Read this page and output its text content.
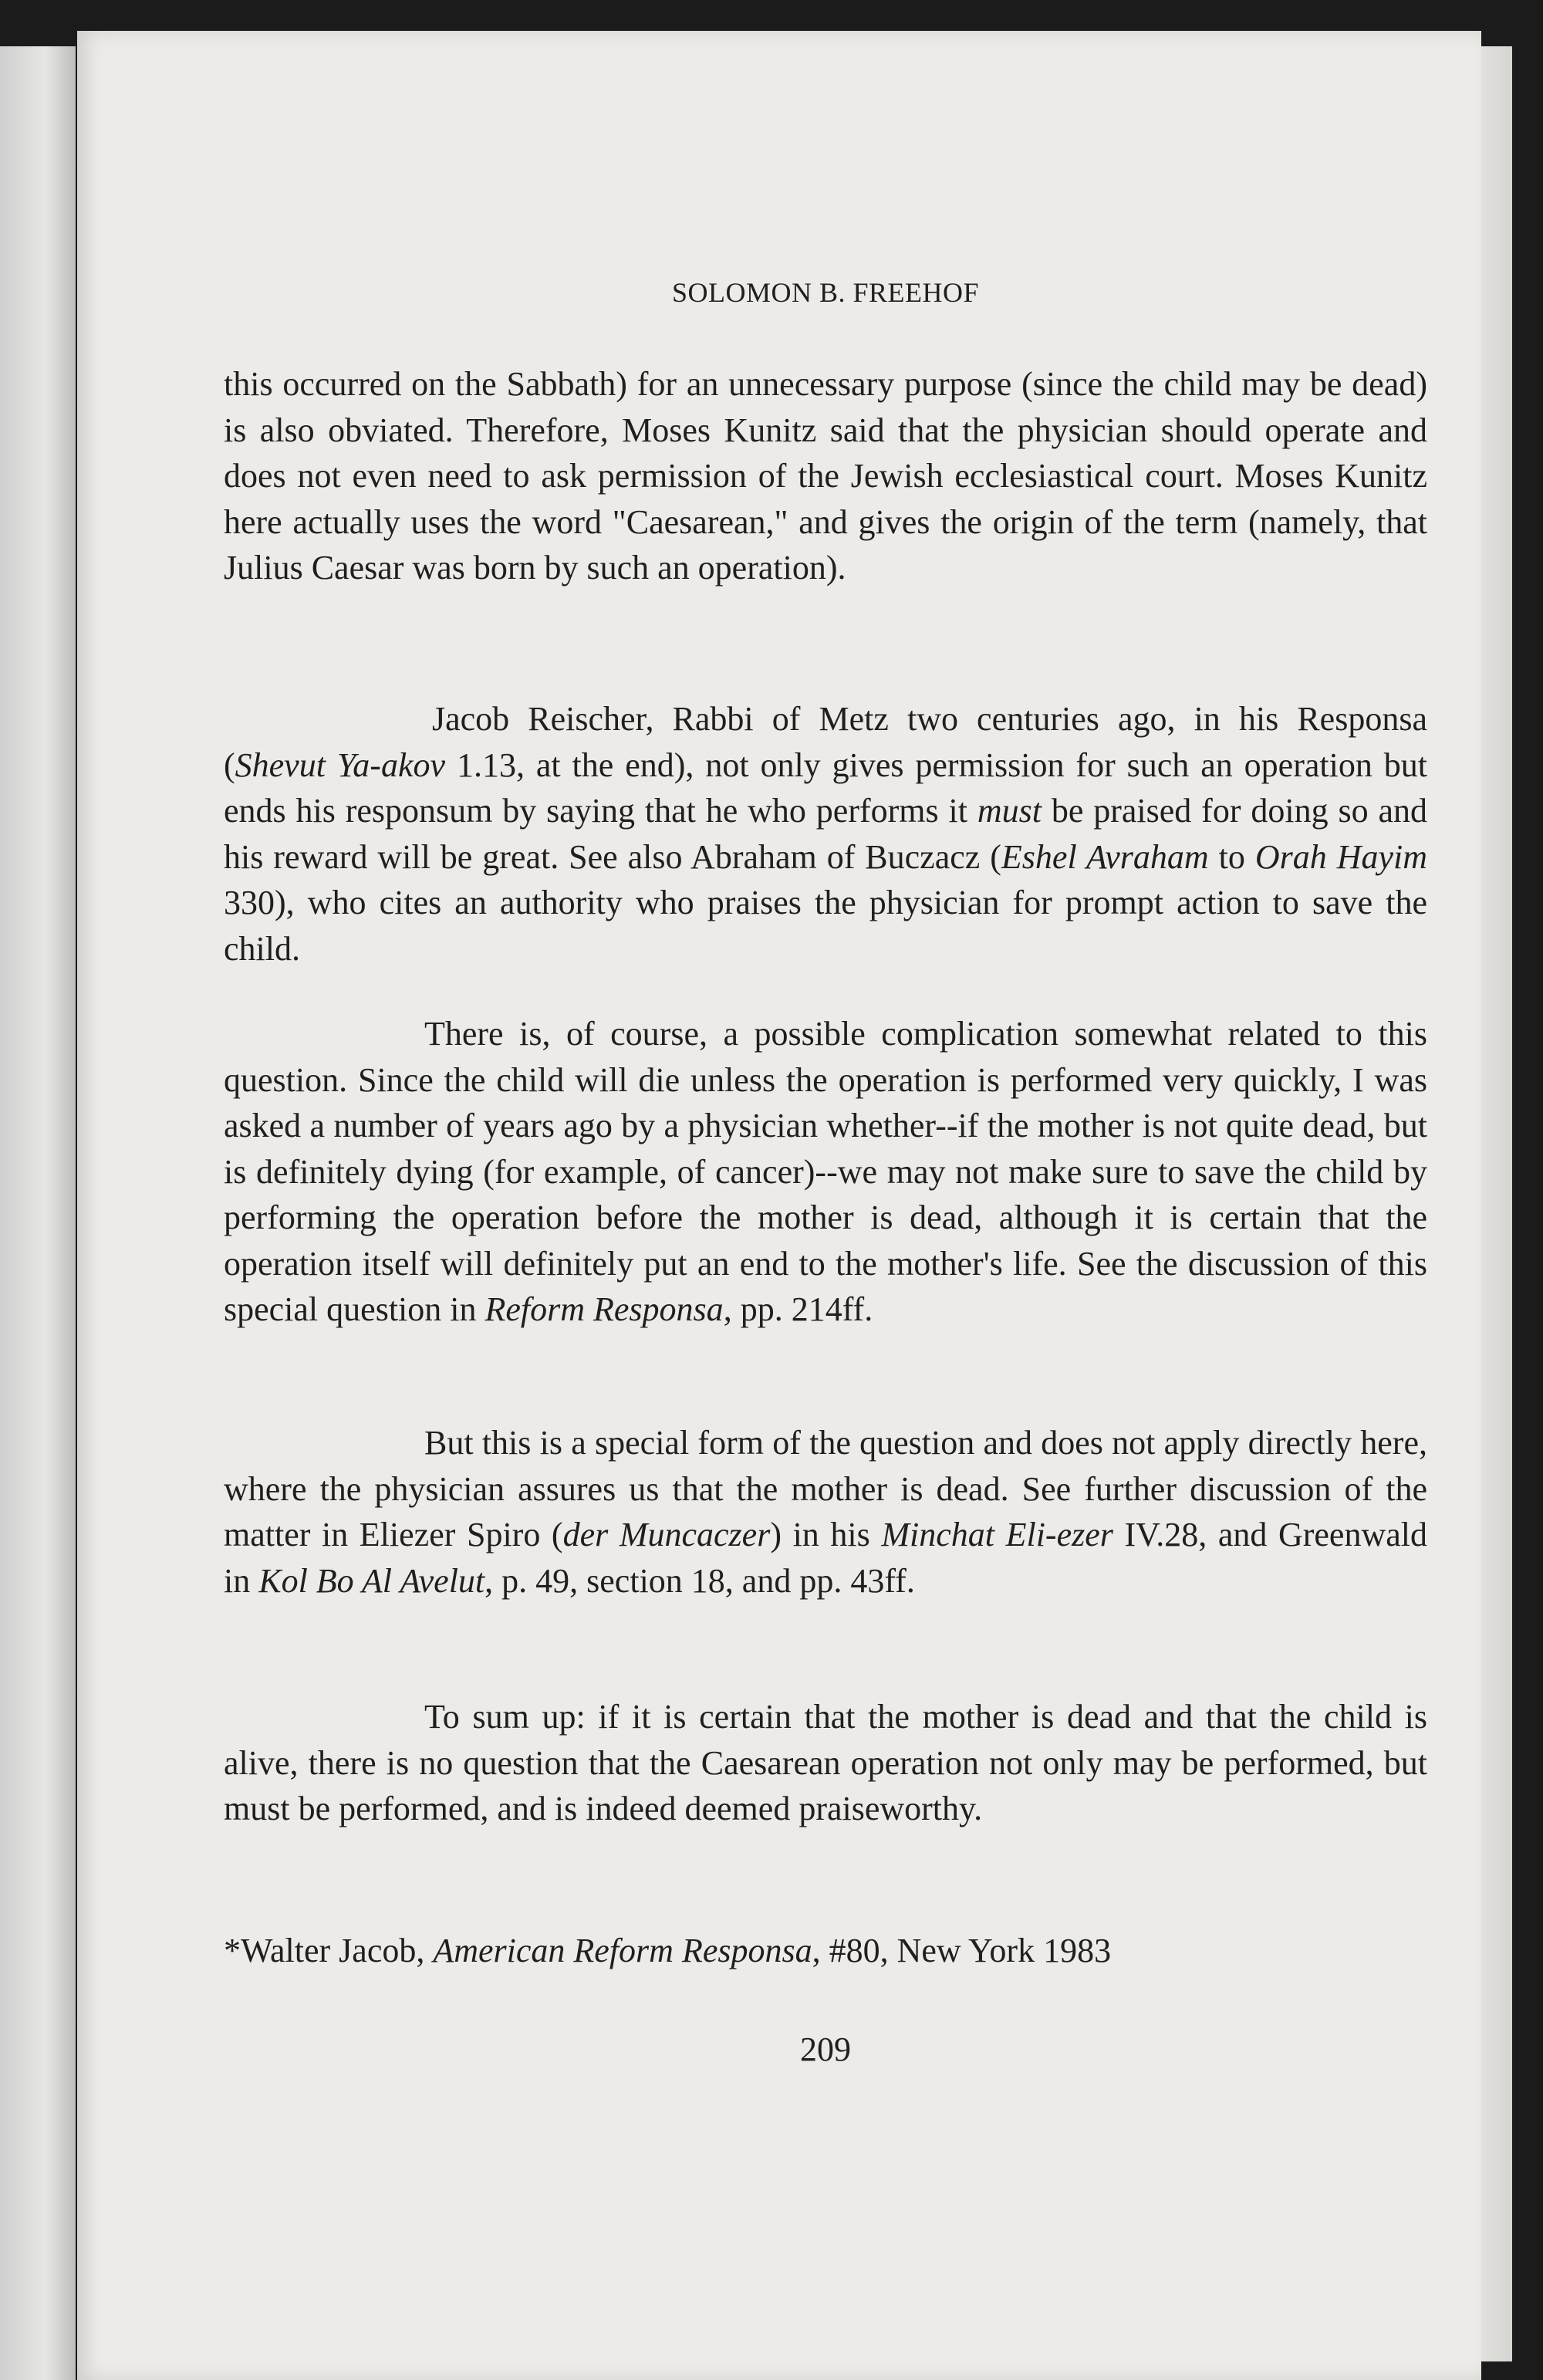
SOLOMON B. FREEHOF

this occurred on the Sabbath) for an unnecessary purpose (since the child may be dead) is also obviated. Therefore, Moses Kunitz said that the physician should operate and does not even need to ask permission of the Jewish ecclesiastical court. Moses Kunitz here actually uses the word "Caesarean," and gives the origin of the term (namely, that Julius Caesar was born by such an operation).

Jacob Reischer, Rabbi of Metz two centuries ago, in his Responsa (Shevut Ya-akov 1.13, at the end), not only gives permission for such an operation but ends his responsum by saying that he who performs it must be praised for doing so and his reward will be great. See also Abraham of Buczacz (Eshel Avraham to Orah Hayim 330), who cites an authority who praises the physician for prompt action to save the child.

There is, of course, a possible complication somewhat related to this question. Since the child will die unless the operation is performed very quickly, I was asked a number of years ago by a physician whether--if the mother is not quite dead, but is definitely dying (for example, of cancer)--we may not make sure to save the child by performing the operation before the mother is dead, although it is certain that the operation itself will definitely put an end to the mother's life. See the discussion of this special question in Reform Responsa, pp. 214ff.

But this is a special form of the question and does not apply directly here, where the physician assures us that the mother is dead. See further discussion of the matter in Eliezer Spiro (der Muncaczer) in his Minchat Eli-ezer IV.28, and Greenwald in Kol Bo Al Avelut, p. 49, section 18, and pp. 43ff.

To sum up: if it is certain that the mother is dead and that the child is alive, there is no question that the Caesarean operation not only may be performed, but must be performed, and is indeed deemed praiseworthy.

*Walter Jacob, American Reform Responsa, #80, New York 1983
209
